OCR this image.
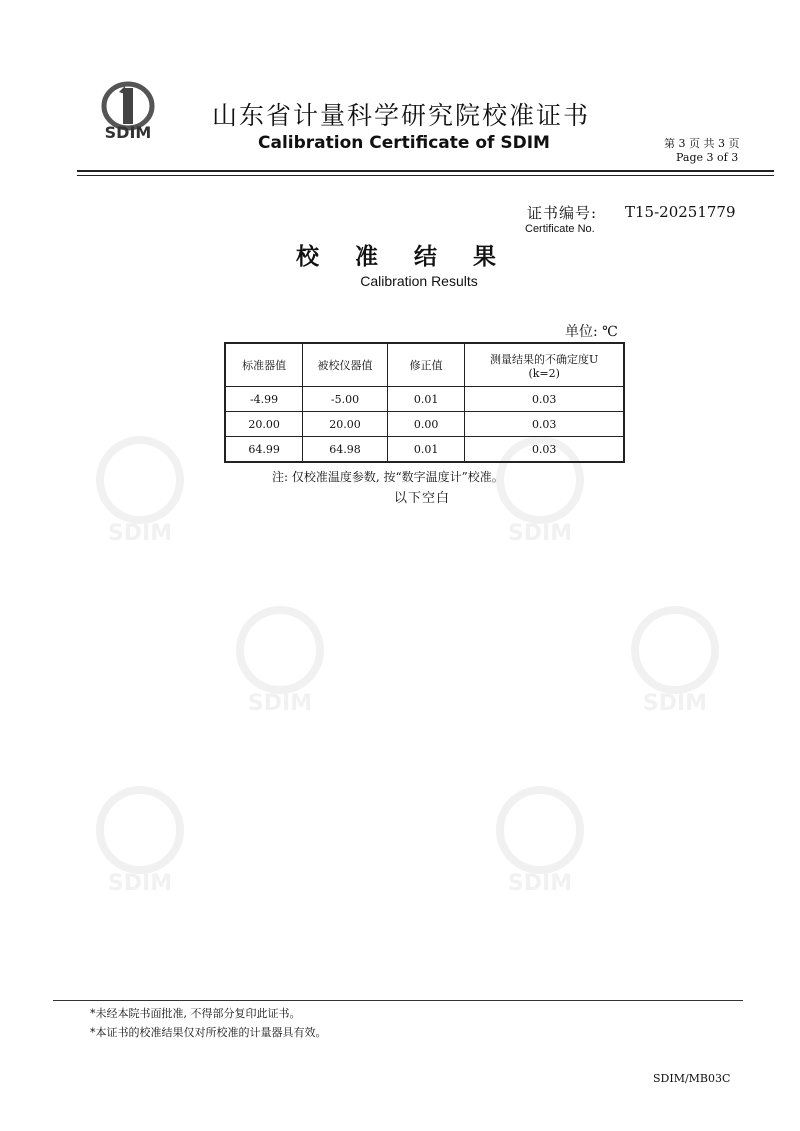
SDIM	SDIM
SDIM	SDIM
SDIM	SDIM
SDIM
山东省计量科学研究院校准证书
Calibration Certificate of SDIM	第 3 页 共 3 页
Page 3 of 3
证书编号: T15-20251779
Certificate No.
校 准 结 果
Calibration Results
单位: ℃
标准器值	被校仪器值	修正值	测量结果的不确定度U
(k=2)

-4.99	-5.00	0.01	0.03
20.00	20.00	0.00	0.03
64.99	64.98	0.01	0.03
注: 仅校准温度参数, 按“数字温度计”校准。
以下空白
*未经本院书面批准, 不得部分复印此证书。
*本证书的校准结果仅对所校准的计量器具有效。
SDIM/MB03C
